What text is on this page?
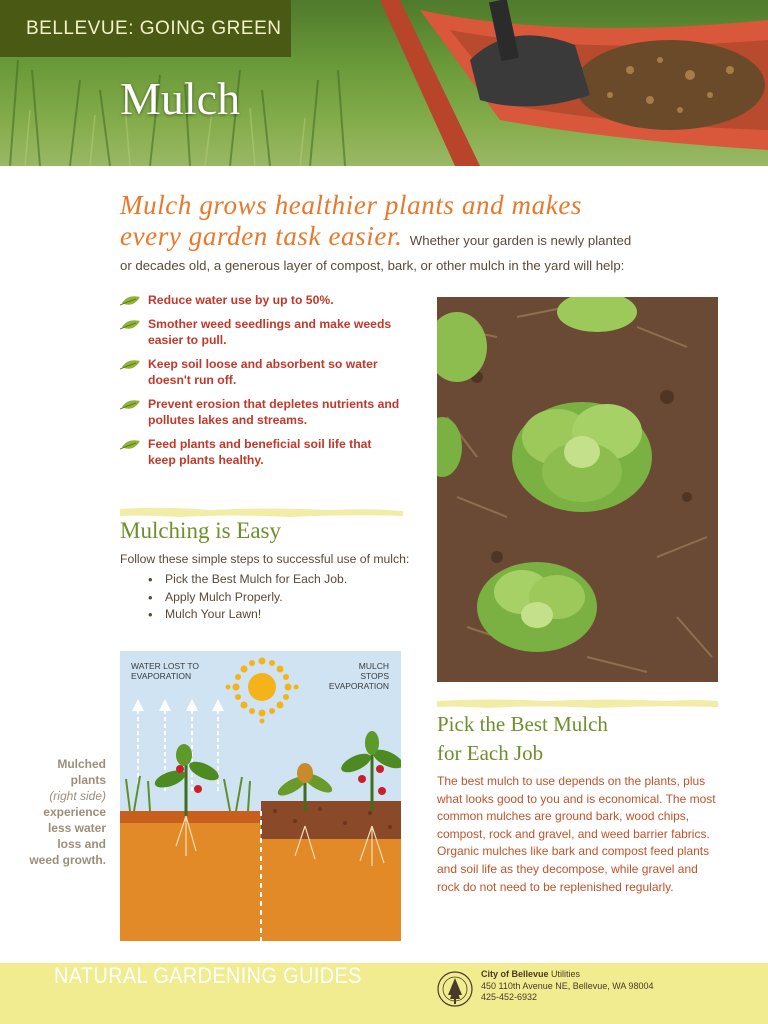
BELLEVUE: GOING GREEN
Mulch
Mulch grows healthier plants and makes
every garden task easier. Whether your garden is newly planted
or decades old, a generous layer of compost, bark, or other mulch in the yard will help:
Reduce water use by up to 50%.
Smother weed seedlings and make weeds
easier to pull.
Keep soil loose and absorbent so water
doesn't run off.
Prevent erosion that depletes nutrients and
pollutes lakes and streams.
Feed plants and beneficial soil life that
keep plants healthy.
Mulching is Easy
Follow these simple steps to successful use of mulch:
• Pick the Best Mulch for Each Job.
• Apply Mulch Properly.
• Mulch Your Lawn!
Mulched
plants
(right side)
experience
less water
loss and
weed growth.
WATER LOST TO
EVAPORATION
MULCH
STOPS
EVAPORATION
Pick the Best Mulch
for Each Job
The best mulch to use depends on the plants, plus what looks good to you and is economical. The most common mulches are ground bark, wood chips, compost, rock and gravel, and weed barrier fabrics. Organic mulches like bark and compost feed plants and soil life as they decompose, while gravel and rock do not need to be replenished regularly.
NATURAL GARDENING GUIDES	City of Bellevue Utilities
450 110th Avenue NE, Bellevue, WA 98004
425-452-6932
